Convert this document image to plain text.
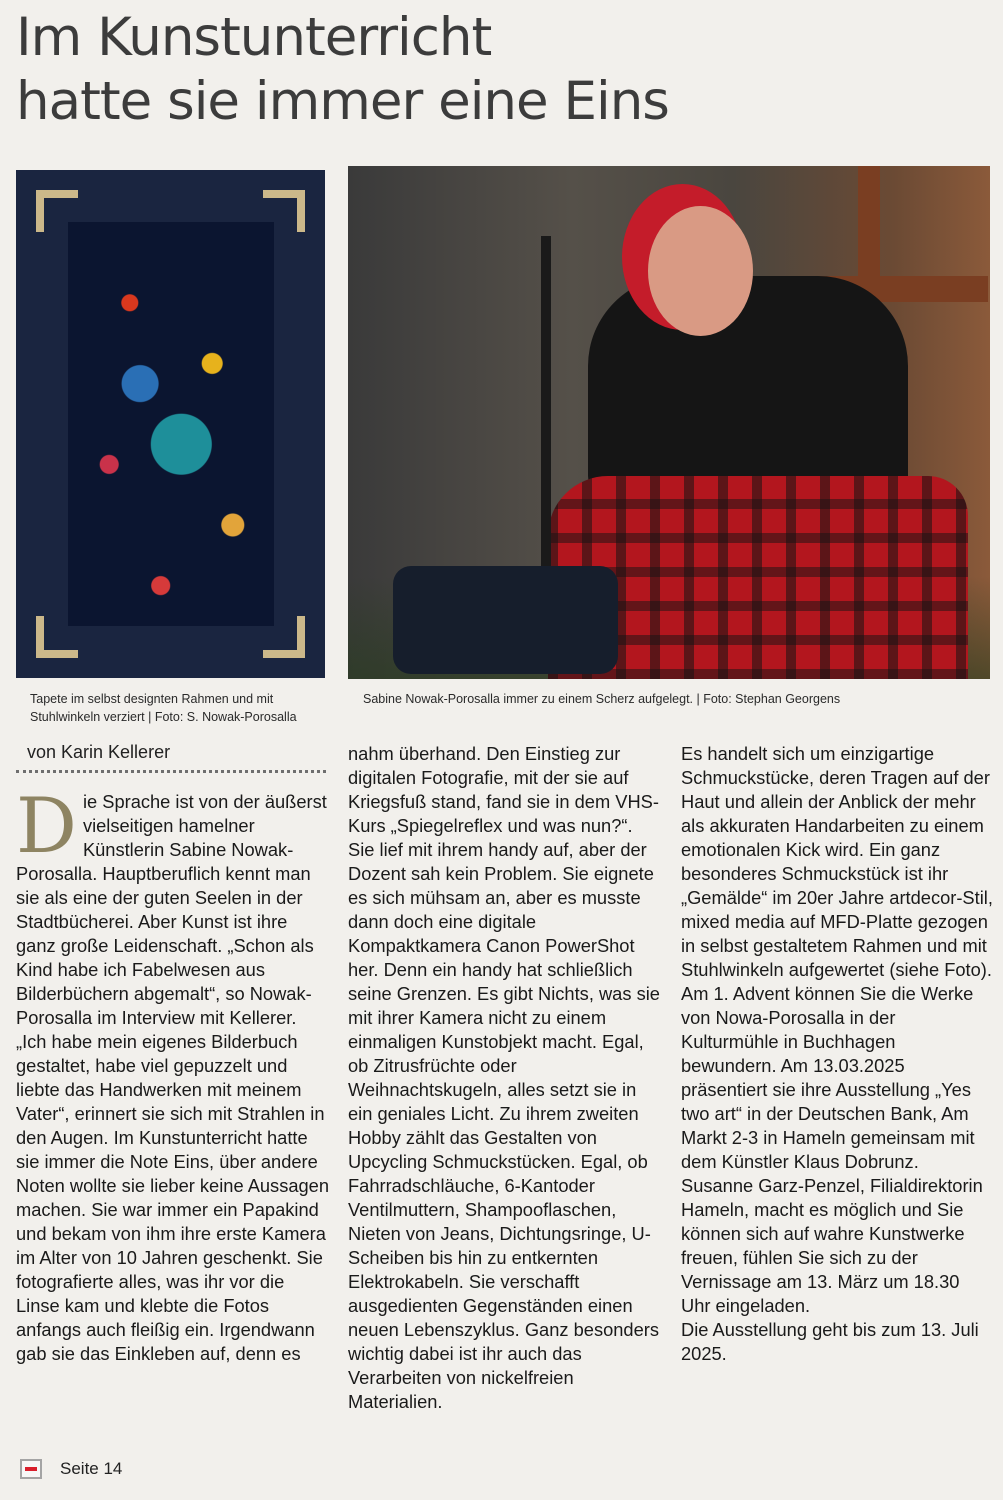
Im Kunstunterricht
hatte sie immer eine Eins
Tapete im selbst designten Rahmen und mit Stuhlwinkeln verziert | Foto: S. Nowak-Porosalla
Sabine Nowak-Porosalla immer zu einem Scherz aufgelegt. | Foto: Stephan Georgens
von Karin Kellerer
D ie Sprache ist von der äußerst vielseitigen hamelner Künstlerin Sabine Nowak-Porosalla. Hauptberuflich kennt man sie als eine der guten Seelen in der Stadtbücherei. Aber Kunst ist ihre ganz große Leidenschaft. „Schon als Kind habe ich Fabelwesen aus Bilderbüchern abgemalt“, so Nowak-Porosalla im Interview mit Kellerer. „Ich habe mein eigenes Bilderbuch gestaltet, habe viel gepuzzelt und liebte das Handwerken mit meinem Vater“, erinnert sie sich mit Strahlen in den Augen. Im Kunstunterricht hatte sie immer die Note Eins, über andere Noten wollte sie lieber keine Aussagen machen. Sie war immer ein Papakind und bekam von ihm ihre erste Kamera im Alter von 10 Jahren geschenkt. Sie fotografierte alles, was ihr vor die Linse kam und klebte die Fotos anfangs auch fleißig ein. Irgendwann gab sie das Einkleben auf, denn es

nahm überhand. Den Einstieg zur digitalen Fotografie, mit der sie auf Kriegsfuß stand, fand sie in dem VHS-Kurs „Spiegelreflex und was nun?“. Sie lief mit ihrem handy auf, aber der Dozent sah kein Problem. Sie eignete es sich mühsam an, aber es musste dann doch eine digitale Kompaktkamera Canon PowerShot her. Denn ein handy hat schließlich seine Grenzen. Es gibt Nichts, was sie mit ihrer Kamera nicht zu einem einmaligen Kunstobjekt macht. Egal, ob Zitrusfrüchte oder Weihnachtskugeln, alles setzt sie in ein geniales Licht. Zu ihrem zweiten Hobby zählt das Gestalten von Upcycling Schmuckstücken. Egal, ob Fahrradschläuche, 6-Kantoder Ventilmuttern, Shampooflaschen, Nieten von Jeans, Dichtungsringe, U-Scheiben bis hin zu entkernten Elektrokabeln. Sie verschafft ausgedienten Gegenständen einen neuen Lebenszyklus. Ganz besonders wichtig dabei ist ihr auch das Verarbeiten von nickelfreien Materialien.

Es handelt sich um einzigartige Schmuckstücke, deren Tragen auf der Haut und allein der Anblick der mehr als akkuraten Handarbeiten zu einem emotionalen Kick wird. Ein ganz besonderes Schmuckstück ist ihr „Gemälde“ im 20er Jahre artdecor-Stil, mixed media auf MFD-Platte gezogen in selbst gestaltetem Rahmen und mit Stuhlwinkeln aufgewertet (siehe Foto). Am 1. Advent können Sie die Werke von Nowa-Porosalla in der Kulturmühle in Buchhagen bewundern. Am 13.03.2025 präsentiert sie ihre Ausstellung „Yes two art“ in der Deutschen Bank, Am Markt 2-3 in Hameln gemeinsam mit dem Künstler Klaus Dobrunz. Susanne Garz-Penzel, Filialdirektorin Hameln, macht es möglich und Sie können sich auf wahre Kunstwerke freuen, fühlen Sie sich zu der Vernissage am 13. März um 18.30 Uhr eingeladen.

Die Ausstellung geht bis zum 13. Juli 2025.

Seite 14
